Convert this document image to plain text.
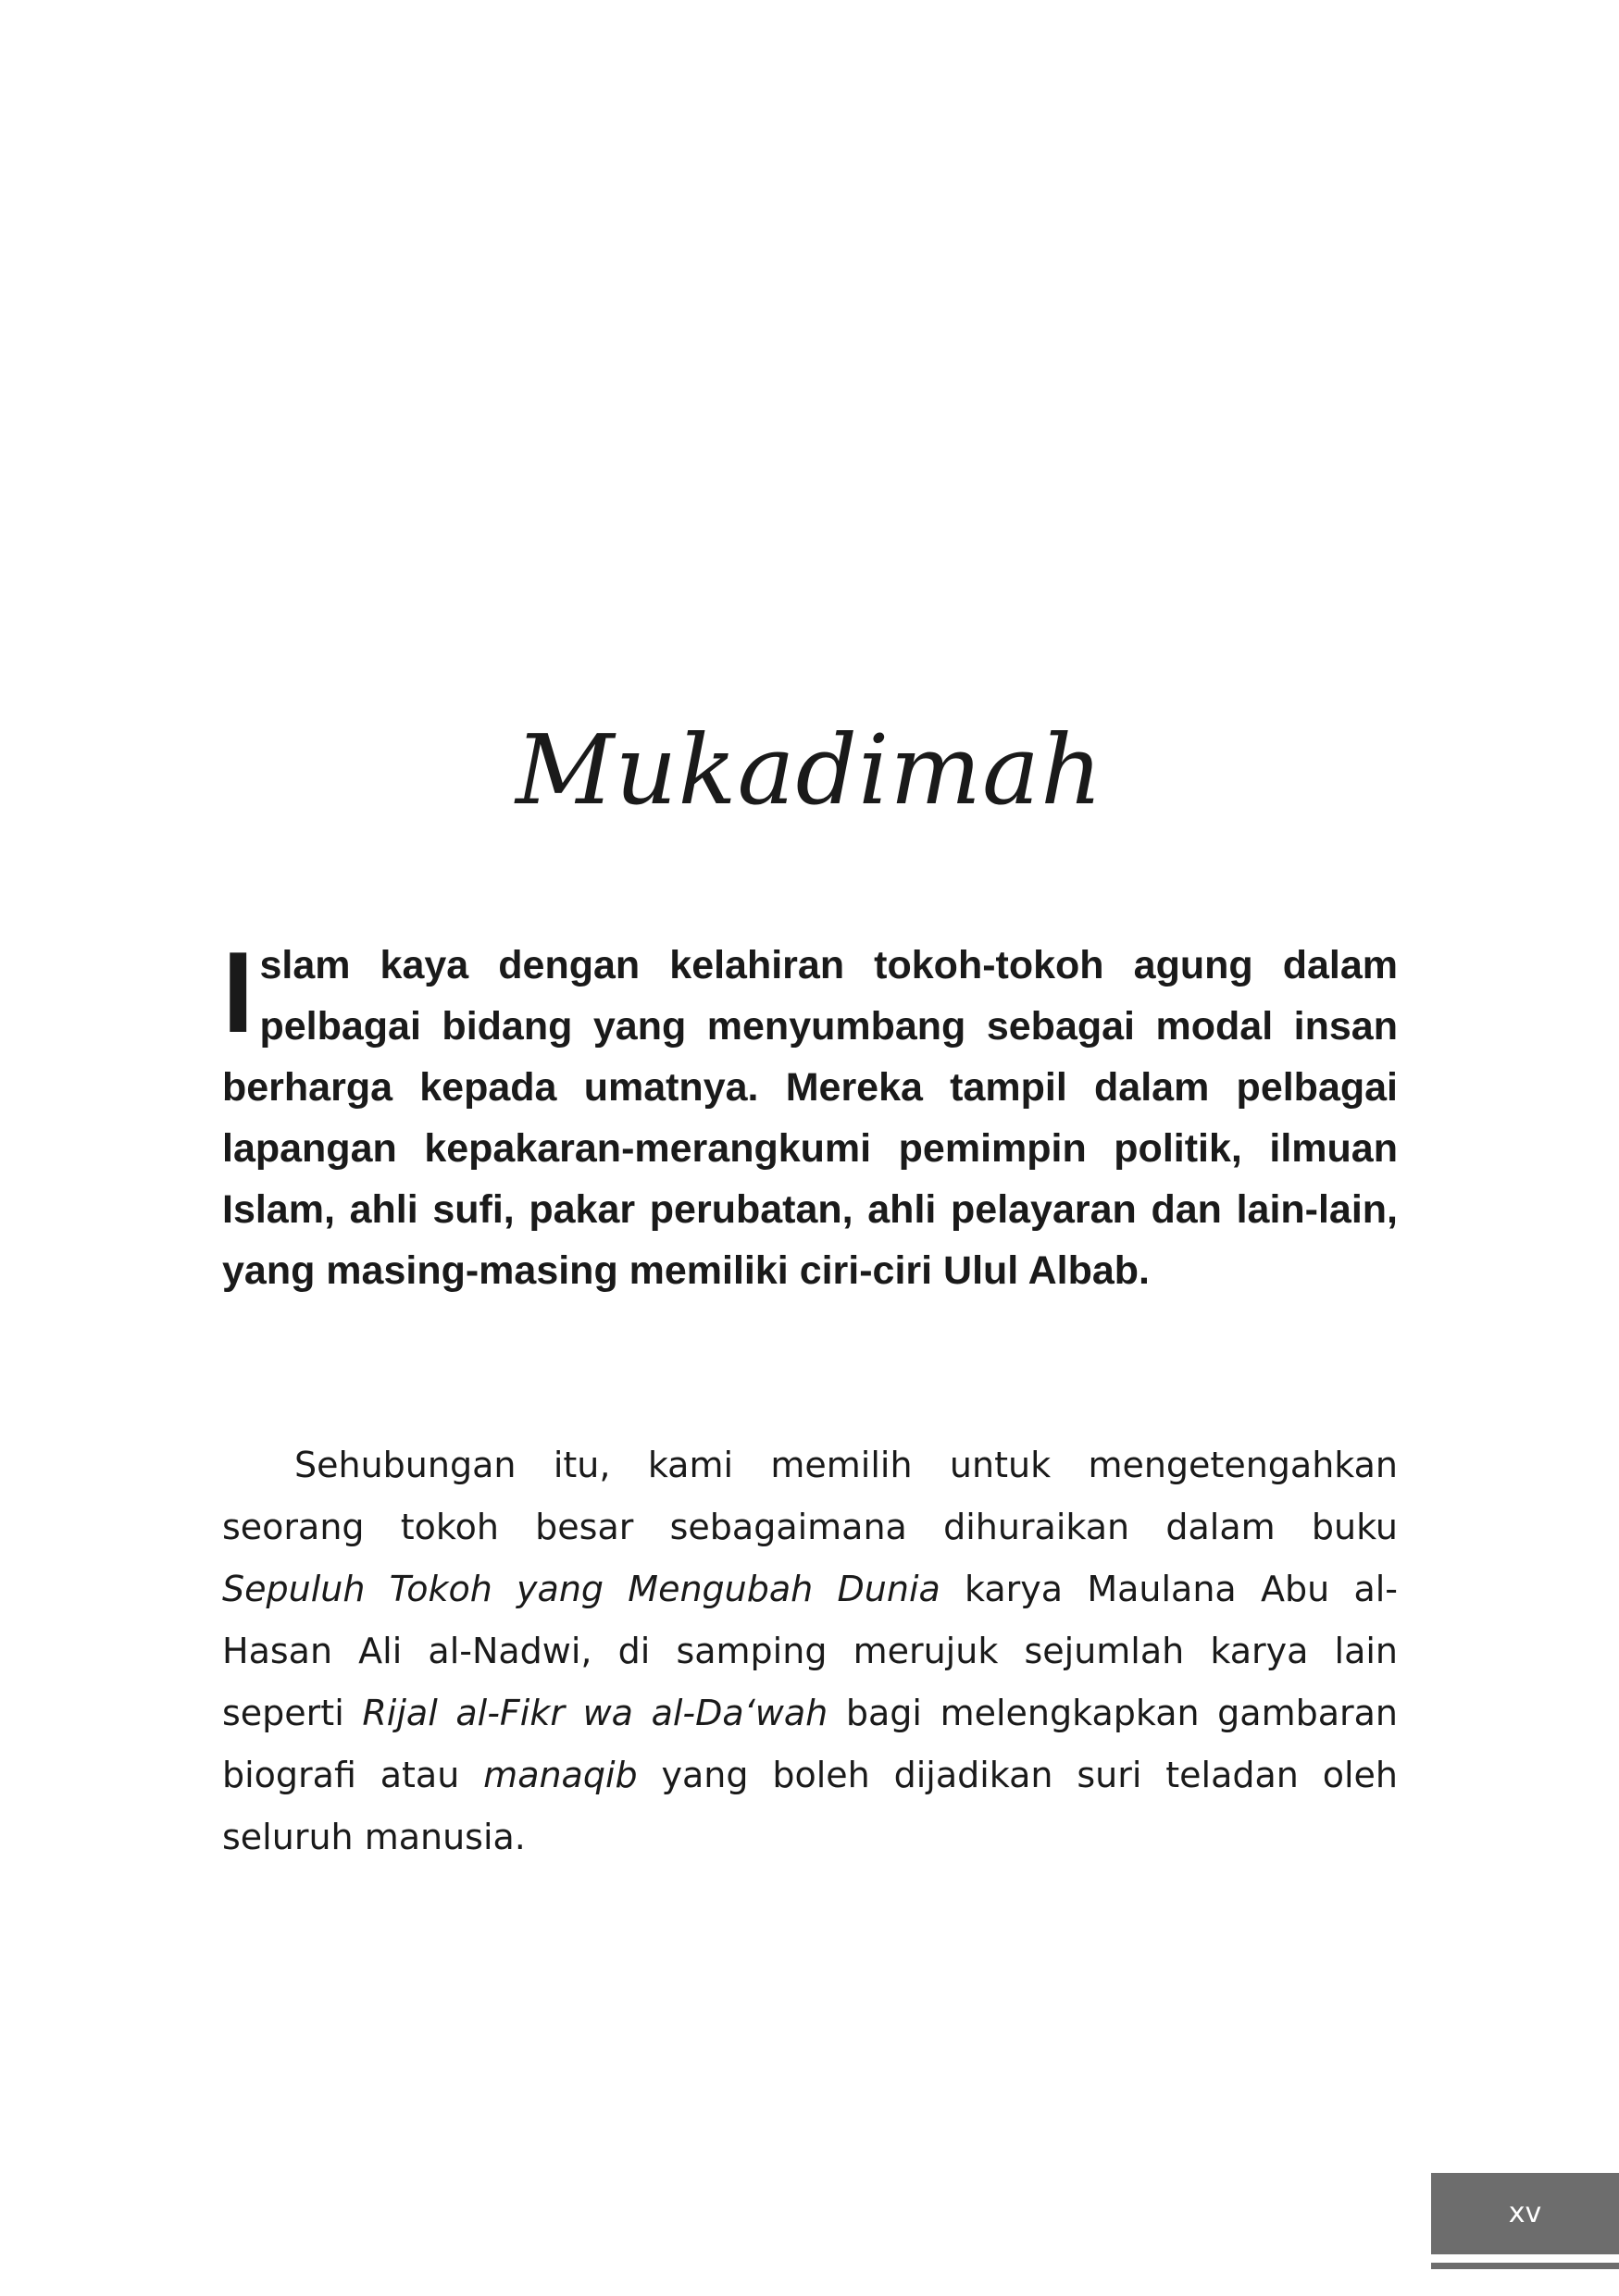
Mukadimah

Islam kaya dengan kelahiran tokoh-tokoh agung dalam pelbagai bidang yang menyumbang sebagai modal insan berharga kepada umatnya. Mereka tampil dalam pelbagai lapangan kepakaran-merangkumi pemimpin politik, ilmuan Islam, ahli sufi, pakar perubatan, ahli pelayaran dan lain-lain, yang masing-masing memiliki ciri-ciri Ulul Albab.

Sehubungan itu, kami memilih untuk mengetengahkan seorang tokoh besar sebagaimana dihuraikan dalam buku Sepuluh Tokoh yang Mengubah Dunia karya Maulana Abu al-Hasan Ali al-Nadwi, di samping merujuk sejumlah karya lain seperti Rijal al-Fikr wa al-Da‘wah bagi melengkapkan gambaran biografi atau manaqib yang boleh dijadikan suri teladan oleh seluruh manusia.

xv
